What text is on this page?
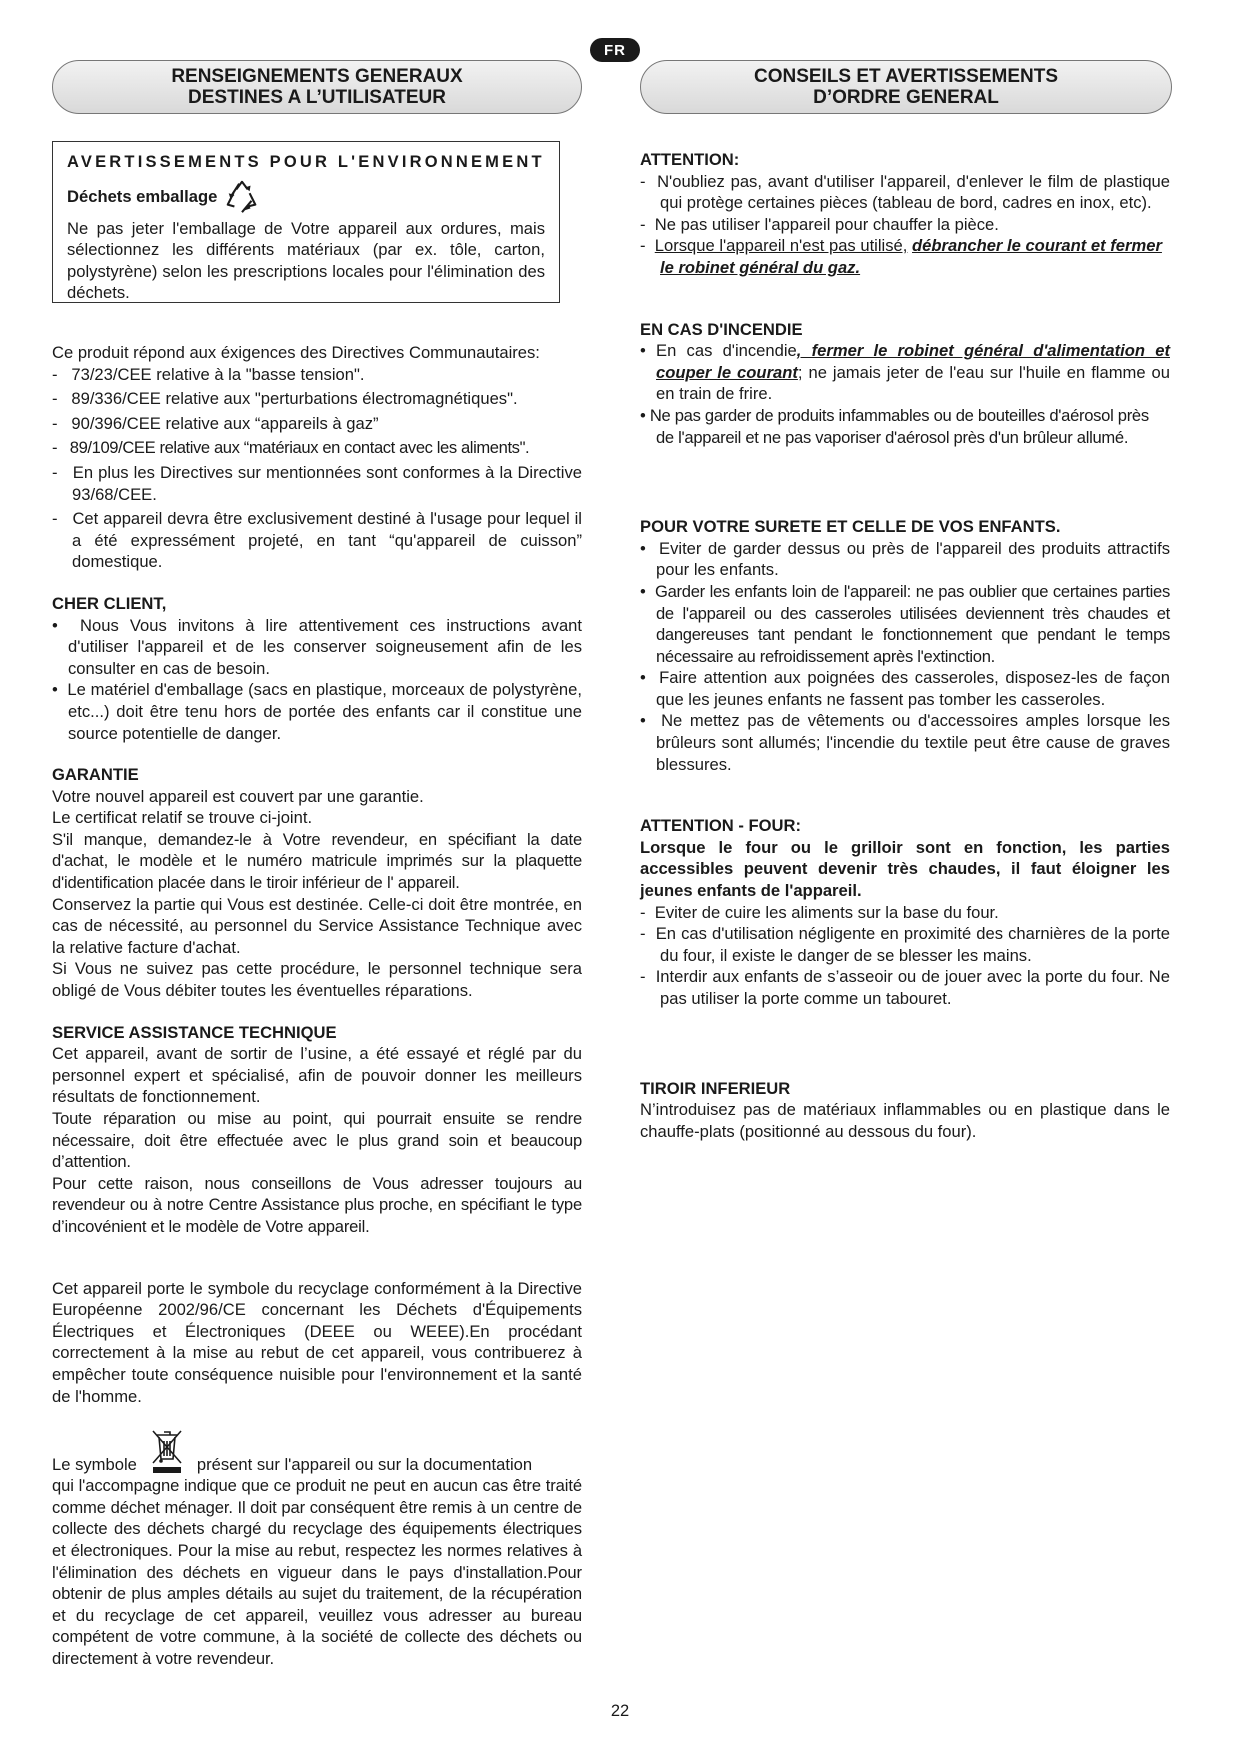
FR
RENSEIGNEMENTS GENERAUX
DESTINES A L’UTILISATEUR
CONSEILS ET AVERTISSEMENTS
D’ORDRE GENERAL
AVERTISSEMENTS POUR L'ENVIRONNEMENT
Déchets emballage

Ne pas jeter l'emballage de Votre appareil aux ordures, mais sélectionnez les différents matériaux (par ex. tôle, carton, polystyrène) selon les prescriptions locales pour l'élimination des déchets.

Ce produit répond aux éxigences des Directives Communautaires:

-   73/23/CEE relative à la "basse tension".

-   89/336/CEE relative aux "perturbations électromagnétiques".

-   90/396/CEE relative aux “appareils à gaz”

-   89/109/CEE relative aux “matériaux en contact avec les aliments".

-   En plus les Directives sur mentionnées sont conformes à la Directive 93/68/CEE.

-   Cet appareil devra être exclusivement destiné à l'usage pour lequel il a été expressément projeté, en tant “qu'appareil de cuisson” domestique.

CHER CLIENT,

•  Nous Vous invitons à lire attentivement ces instructions avant d'utiliser l'appareil et de les conserver soigneusement afin de les consulter en cas de besoin.

•  Le matériel d'emballage (sacs en plastique, morceaux de polystyrène, etc...) doit être tenu hors de portée des enfants car il constitue une source potentielle de danger.

GARANTIE

Votre nouvel appareil est couvert par une garantie.

Le certificat relatif se trouve ci-joint.

S'il manque, demandez-le à Votre revendeur, en spécifiant la date d'achat, le modèle et le numéro matricule imprimés sur la plaquette d'identification placée dans le tiroir inférieur de l' appareil.

Conservez la partie qui Vous est destinée. Celle-ci doit être montrée, en cas de nécessité, au personnel du Service Assistance Technique avec la relative facture d'achat.

Si Vous ne suivez pas cette procédure, le personnel technique sera obligé de Vous débiter toutes les éventuelles réparations.

SERVICE ASSISTANCE TECHNIQUE

Cet appareil, avant de sortir de l’usine, a été essayé et réglé par du personnel expert et spécialisé, afin de pouvoir donner les meilleurs résultats de fonctionnement.

Toute réparation ou mise au point, qui pourrait ensuite se rendre nécessaire, doit être effectuée avec le plus grand soin et beaucoup d’attention.

Pour cette raison, nous conseillons de Vous adresser toujours au revendeur ou à notre Centre Assistance plus proche, en spécifiant le type d’incovénient et le modèle de Votre appareil.

Cet appareil porte le symbole du recyclage conformément à la Directive Européenne 2002/96/CE concernant les Déchets d'Équipements Électriques et Électroniques (DEEE ou WEEE).En procédant correctement à la mise au rebut de cet appareil, vous contribuerez à empêcher toute conséquence nuisible pour l'environnement et la santé de l'homme.

Le symbole	présent sur l'appareil ou sur la documentation

qui l'accompagne indique que ce produit ne peut en aucun cas être traité comme déchet ménager. Il doit par conséquent être remis à un centre de collecte des déchets chargé du recyclage des équipements électriques et électroniques. Pour la mise au rebut, respectez les normes relatives à l'élimination des déchets en vigueur dans le pays d'installation.Pour obtenir de plus amples détails au sujet du traitement, de la récupération et du recyclage de cet appareil, veuillez vous adresser au bureau compétent de votre commune, à la société de collecte des déchets ou directement à votre revendeur.

ATTENTION:

-  N'oubliez pas, avant d'utiliser l'appareil, d'enlever le film de plastique qui protège certaines pièces (tableau de bord, cadres en inox, etc).

-  Ne pas utiliser l'appareil pour chauffer la pièce.

-  Lorsque l'appareil n'est pas utilisé, débrancher le courant et fermer le robinet général du gaz.

EN CAS D'INCENDIE

• En cas d'incendie, fermer le robinet général d'alimentation et couper le courant; ne jamais jeter de l'eau sur l'huile en flamme ou en train de frire.

• Ne pas garder de produits infammables ou de bouteilles d'aérosol près de l'appareil et ne pas vaporiser d'aérosol près d'un brûleur allumé.

POUR VOTRE SURETE ET CELLE DE VOS ENFANTS.

•  Eviter de garder dessus ou près de l'appareil des produits attractifs pour les enfants.

•  Garder les enfants loin de l'appareil: ne pas oublier que certaines parties de l'appareil ou des casseroles utilisées deviennent très chaudes et dangereuses tant pendant le fonctionnement que pendant le temps nécessaire au refroidissement après l'extinction.

•  Faire attention aux poignées des casseroles, disposez-les de façon que les jeunes enfants ne fassent pas tomber les casseroles.

•  Ne mettez pas de vêtements ou d'accessoires amples lorsque les brûleurs sont allumés; l'incendie du textile peut être cause de graves blessures.

ATTENTION - FOUR:

Lorsque le four ou le grilloir sont en fonction, les parties accessibles peuvent devenir très chaudes, il faut éloigner les jeunes enfants de l'appareil.

-  Eviter de cuire les aliments sur la base du four.

-  En cas d'utilisation négligente en proximité des charnières de la porte du four, il existe le danger de se blesser les mains.

-  Interdir aux enfants de s’asseoir ou de jouer avec la porte du four. Ne pas utiliser la porte comme un tabouret.

TIROIR INFERIEUR

N’introduisez pas de matériaux inflammables ou en plastique dans le chauffe-plats (positionné au dessous du four).

22
